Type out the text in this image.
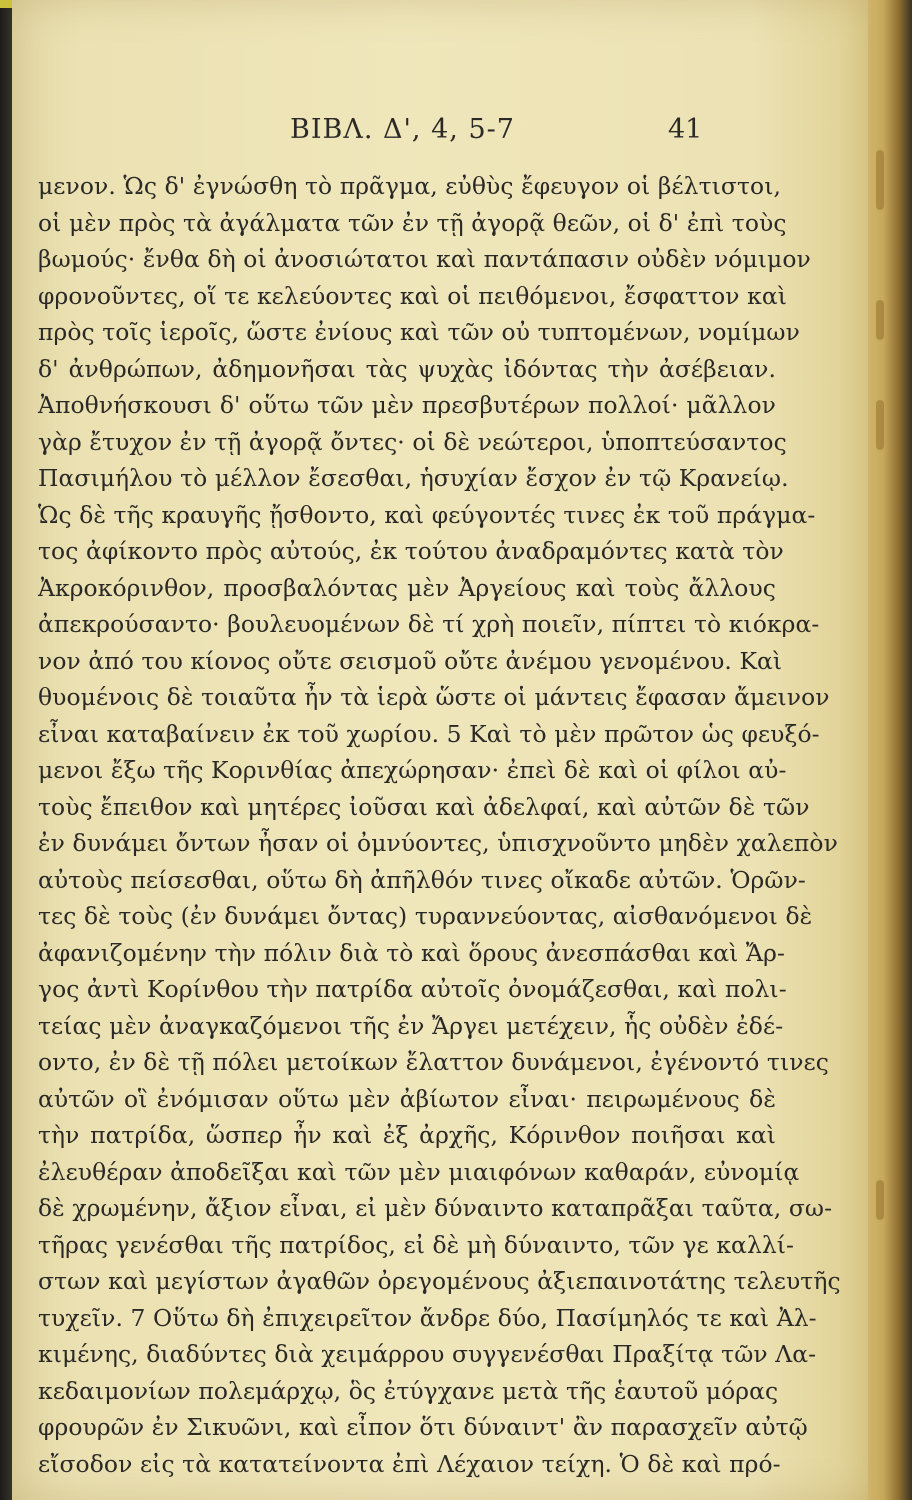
ΒΙΒΛ. Δ', 4, 5-7	41
μενον. Ὡς δ' ἐγνώσθη τὸ πρᾶγμα, εὐθὺς ἔφευγον οἱ βέλτιστοι,
οἱ μὲν πρὸς τὰ ἀγάλματα τῶν ἐν τῇ ἀγορᾷ θεῶν, οἱ δ' ἐπὶ τοὺς
βωμούς· ἔνθα δὴ οἱ ἀνοσιώτατοι καὶ παντάπασιν οὐδὲν νόμιμον
φρονοῦντες, οἵ τε κελεύοντες καὶ οἱ πειθόμενοι, ἔσφαττον καὶ
πρὸς τοῖς ἱεροῖς, ὥστε ἐνίους καὶ τῶν οὐ τυπτομένων, νομίμων
δ' ἀνθρώπων, ἀδημονῆσαι τὰς ψυχὰς ἰδόντας τὴν ἀσέβειαν.
Ἀποθνήσκουσι δ' οὕτω τῶν μὲν πρεσβυτέρων πολλοί· μᾶλλον
γὰρ ἔτυχον ἐν τῇ ἀγορᾷ ὄντες· οἱ δὲ νεώτεροι, ὑποπτεύσαντος
Πασιμήλου τὸ μέλλον ἔσεσθαι, ἡσυχίαν ἔσχον ἐν τῷ Κρανείῳ.
Ὡς δὲ τῆς κραυγῆς ᾔσθοντο, καὶ φεύγοντές τινες ἐκ τοῦ πράγμα-
τος ἀφίκοντο πρὸς αὐτούς, ἐκ τούτου ἀναδραμόντες κατὰ τὸν
Ἀκροκόρινθον, προσβαλόντας μὲν Ἀργείους καὶ τοὺς ἄλλους
ἀπεκρούσαντο· βουλευομένων δὲ τί χρὴ ποιεῖν, πίπτει τὸ κιόκρα-
νον ἀπό του κίονος οὔτε σεισμοῦ οὔτε ἀνέμου γενομένου. Καὶ
θυομένοις δὲ τοιαῦτα ἦν τὰ ἱερὰ ὥστε οἱ μάντεις ἔφασαν ἄμεινον
εἶναι καταβαίνειν ἐκ τοῦ χωρίου. 5 Καὶ τὸ μὲν πρῶτον ὡς φευξό-
μενοι ἔξω τῆς Κορινθίας ἀπεχώρησαν· ἐπεὶ δὲ καὶ οἱ φίλοι αὐ-
τοὺς ἔπειθον καὶ μητέρες ἰοῦσαι καὶ ἀδελφαί, καὶ αὐτῶν δὲ τῶν
ἐν δυνάμει ὄντων ἦσαν οἱ ὀμνύοντες, ὑπισχνοῦντο μηδὲν χαλεπὸν
αὐτοὺς πείσεσθαι, οὕτω δὴ ἀπῆλθόν τινες οἴκαδε αὐτῶν. Ὁρῶν-
τες δὲ τοὺς (ἐν δυνάμει ὄντας) τυραννεύοντας, αἰσθανόμενοι δὲ
ἀφανιζομένην τὴν πόλιν διὰ τὸ καὶ ὅρους ἀνεσπάσθαι καὶ Ἄρ-
γος ἀντὶ Κορίνθου τὴν πατρίδα αὐτοῖς ὀνομάζεσθαι, καὶ πολι-
τείας μὲν ἀναγκαζόμενοι τῆς ἐν Ἄργει μετέχειν, ἧς οὐδὲν ἐδέ-
οντο, ἐν δὲ τῇ πόλει μετοίκων ἔλαττον δυνάμενοι, ἐγένοντό τινες
αὐτῶν οἳ ἐνόμισαν οὕτω μὲν ἀβίωτον εἶναι· πειρωμένους δὲ
τὴν πατρίδα, ὥσπερ ἦν καὶ ἐξ ἀρχῆς, Κόρινθον ποιῆσαι καὶ
ἐλευθέραν ἀποδεῖξαι καὶ τῶν μὲν μιαιφόνων καθαράν, εὐνομίᾳ
δὲ χρωμένην, ἄξιον εἶναι, εἰ μὲν δύναιντο καταπρᾶξαι ταῦτα, σω-
τῆρας γενέσθαι τῆς πατρίδος, εἰ δὲ μὴ δύναιντο, τῶν γε καλλί-
στων καὶ μεγίστων ἀγαθῶν ὀρεγομένους ἀξιεπαινοτάτης τελευτῆς
τυχεῖν. 7 Οὕτω δὴ ἐπιχειρεῖτον ἄνδρε δύο, Πασίμηλός τε καὶ Ἀλ-
κιμένης, διαδύντες διὰ χειμάρρου συγγενέσθαι Πραξίτᾳ τῶν Λα-
κεδαιμονίων πολεμάρχῳ, ὃς ἐτύγχανε μετὰ τῆς ἑαυτοῦ μόρας
φρουρῶν ἐν Σικυῶνι, καὶ εἶπον ὅτι δύναιντ' ἂν παρασχεῖν αὐτῷ
εἴσοδον εἰς τὰ κατατείνοντα ἐπὶ Λέχαιον τείχη. Ὁ δὲ καὶ πρό-
